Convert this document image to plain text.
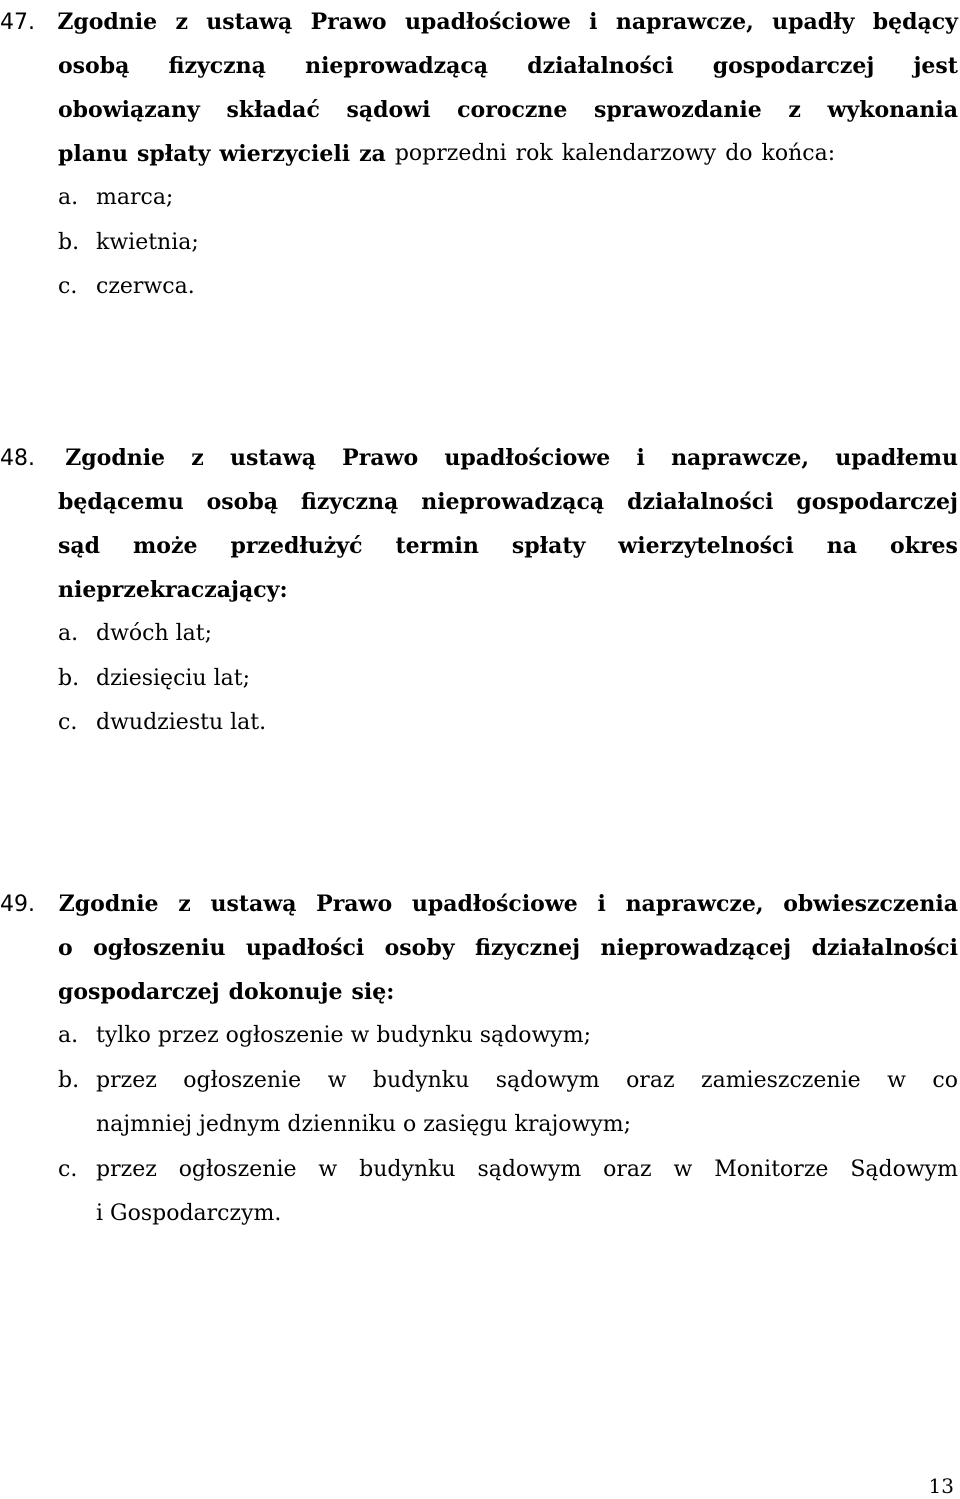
47. Zgodnie z ustawą Prawo upadłościowe i naprawcze, upadły będący
osobą fizyczną nieprowadzącą działalności gospodarczej jest
obowiązany składać sądowi coroczne sprawozdanie z wykonania
planu spłaty wierzycieli za poprzedni rok kalendarzowy do końca:
a. marca;
b. kwietnia;
c. czerwca.
48. Zgodnie z ustawą Prawo upadłościowe i naprawcze, upadłemu
będącemu osobą fizyczną nieprowadzącą działalności gospodarczej
sąd może przedłużyć termin spłaty wierzytelności na okres
nieprzekraczający:
a. dwóch lat;
b. dziesięciu lat;
c. dwudziestu lat.
49. Zgodnie z ustawą Prawo upadłościowe i naprawcze, obwieszczenia
o ogłoszeniu upadłości osoby fizycznej nieprowadzącej działalności
gospodarczej dokonuje się:
a. tylko przez ogłoszenie w budynku sądowym;
b. przez ogłoszenie w budynku sądowym oraz zamieszczenie w co
najmniej jednym dzienniku o zasięgu krajowym;
c. przez ogłoszenie w budynku sądowym oraz w Monitorze Sądowym
i Gospodarczym.
13
